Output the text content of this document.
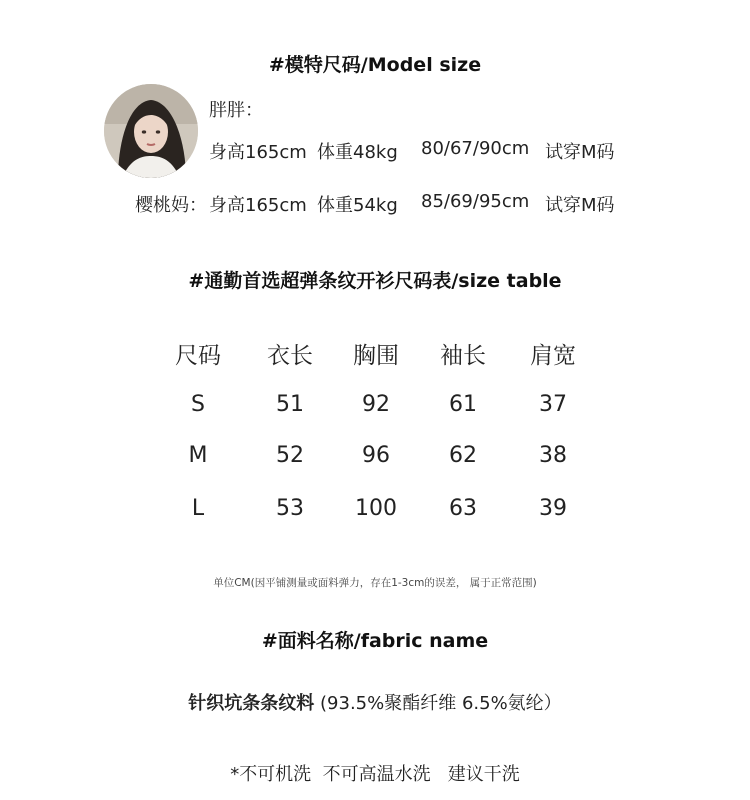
#模特尺码/Model size
胖胖：
身高165cm 体重48kg 80/67/90cm 试穿M码
樱桃妈： 身高165cm 体重54kg 85/69/95cm 试穿M码
#通勤首选超弹条纹开衫尺码表/size table
尺码	衣长	胸围	袖长	肩宽
S	51	92	61	37
M	52	96	62	38
L	53	100	63	39
单位CM(因平铺测量或面料弹力，存在1-3cm的误差， 属于正常范围)
#面料名称/fabric name
针织坑条条纹料 (93.5%聚酯纤维 6.5%氨纶）
*不可机洗  不可高温水洗   建议干洗
